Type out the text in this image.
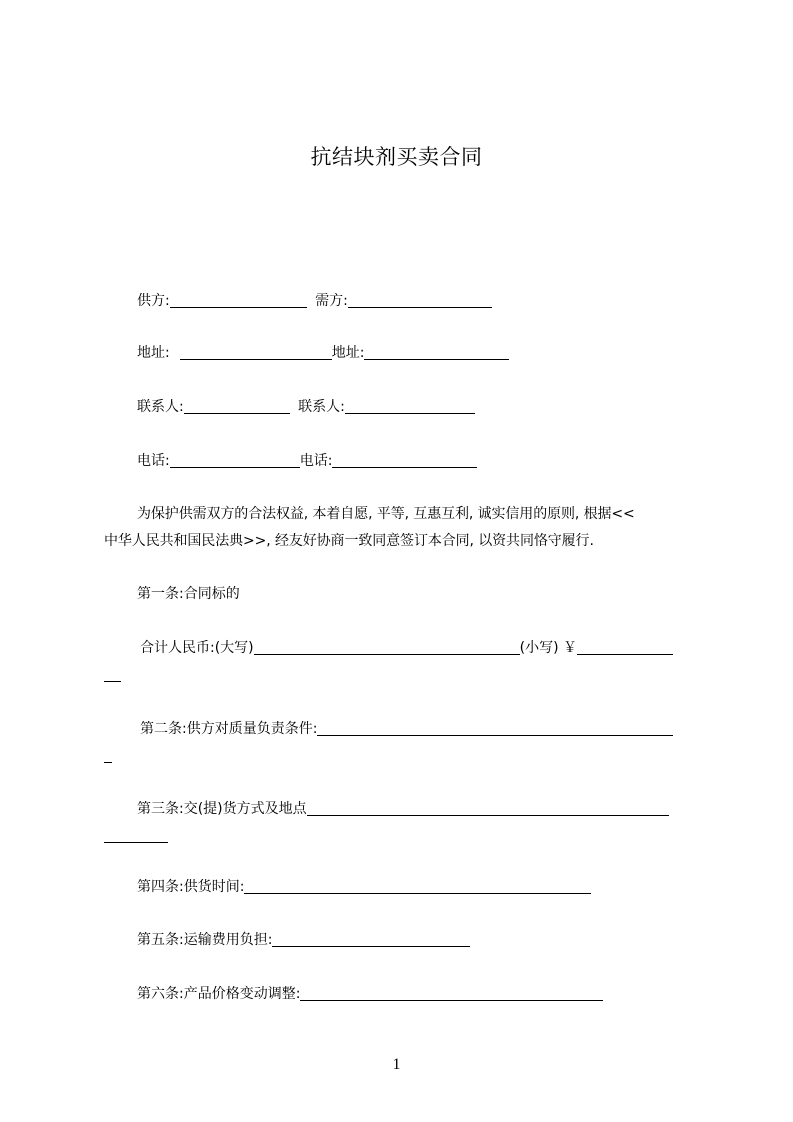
抗结块剂买卖合同
供方:	需方:
地址:	地址:
联系人:	联系人:
电话:	电话:
为保护供需双方的合法权益, 本着自愿, 平等, 互惠互利, 诚实信用的原则, 根据<<
中华人民共和国民法典>>, 经友好协商一致同意签订本合同, 以资共同恪守履行.
第一条:合同标的
合计人民币:(大写)	(小写) ￥
第二条:供方对质量负责条件:
第三条:交(提)货方式及地点
第四条:供货时间:
第五条:运输费用负担:
第六条:产品价格变动调整:
1
